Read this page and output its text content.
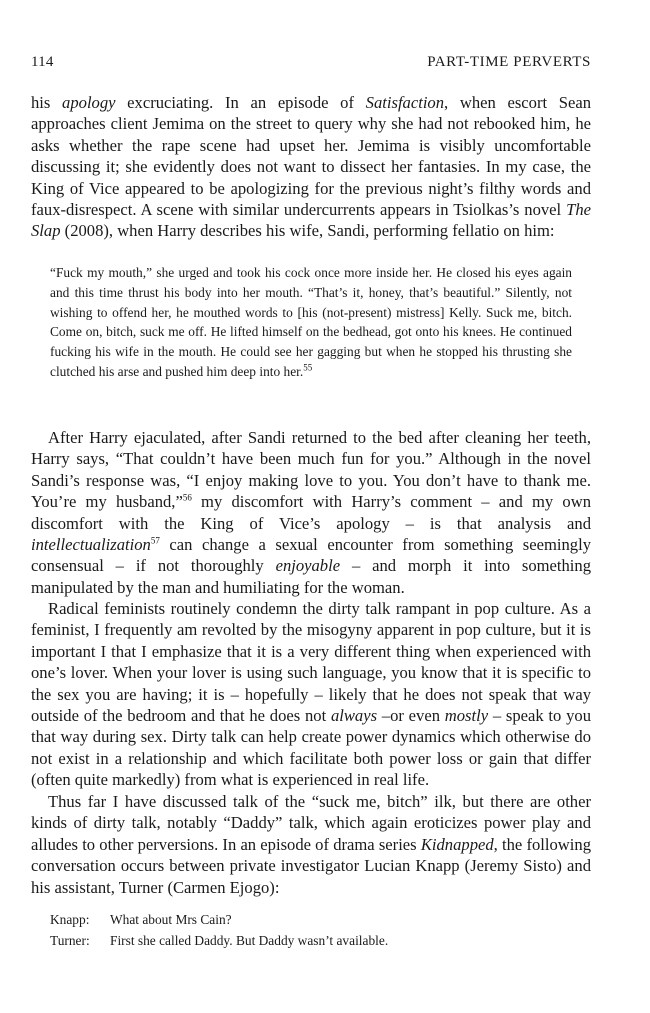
114	PART-TIME PERVERTS

his apology excruciating. In an episode of Satisfaction, when escort Sean approaches client Jemima on the street to query why she had not rebooked him, he asks whether the rape scene had upset her. Jemima is visibly uncomfortable discussing it; she evidently does not want to dissect her fantasies. In my case, the King of Vice appeared to be apologizing for the previous night’s filthy words and faux-disrespect. A scene with similar undercurrents appears in Tsiolkas’s novel The Slap (2008), when Harry describes his wife, Sandi, performing fellatio on him:

“Fuck my mouth,” she urged and took his cock once more inside her. He closed his eyes again and this time thrust his body into her mouth. “That’s it, honey, that’s beautiful.” Silently, not wishing to offend her, he mouthed words to [his (not-present) mistress] Kelly. Suck me, bitch. Come on, bitch, suck me off. He lifted himself on the bedhead, got onto his knees. He continued fucking his wife in the mouth. He could see her gagging but when he stopped his thrusting she clutched his arse and pushed him deep into her.$^{55}$

After Harry ejaculated, after Sandi returned to the bed after cleaning her teeth, Harry says, “That couldn’t have been much fun for you.” Although in the novel Sandi’s response was, “I enjoy making love to you. You don’t have to thank me. You’re my husband,”$^{56}$ my discomfort with Harry’s comment – and my own discomfort with the King of Vice’s apology – is that analysis and intellectualization$^{57}$ can change a sexual encounter from something seemingly consensual – if not thoroughly enjoyable – and morph it into something manipulated by the man and humiliating for the woman.

Radical feminists routinely condemn the dirty talk rampant in pop culture. As a feminist, I frequently am revolted by the misogyny apparent in pop culture, but it is important I that I emphasize that it is a very different thing when experienced with one’s lover. When your lover is using such language, you know that it is specific to the sex you are having; it is – hopefully – likely that he does not speak that way outside of the bedroom and that he does not always –or even mostly – speak to you that way during sex. Dirty talk can help create power dynamics which otherwise do not exist in a relationship and which facilitate both power loss or gain that differ (often quite markedly) from what is experienced in real life.

Thus far I have discussed talk of the “suck me, bitch” ilk, but there are other kinds of dirty talk, notably “Daddy” talk, which again eroticizes power play and alludes to other perversions. In an episode of drama series Kidnapped, the following conversation occurs between private investigator Lucian Knapp (Jeremy Sisto) and his assistant, Turner (Carmen Ejogo):

Knapp:	What about Mrs Cain?
Turner:	First she called Daddy. But Daddy wasn’t available.
